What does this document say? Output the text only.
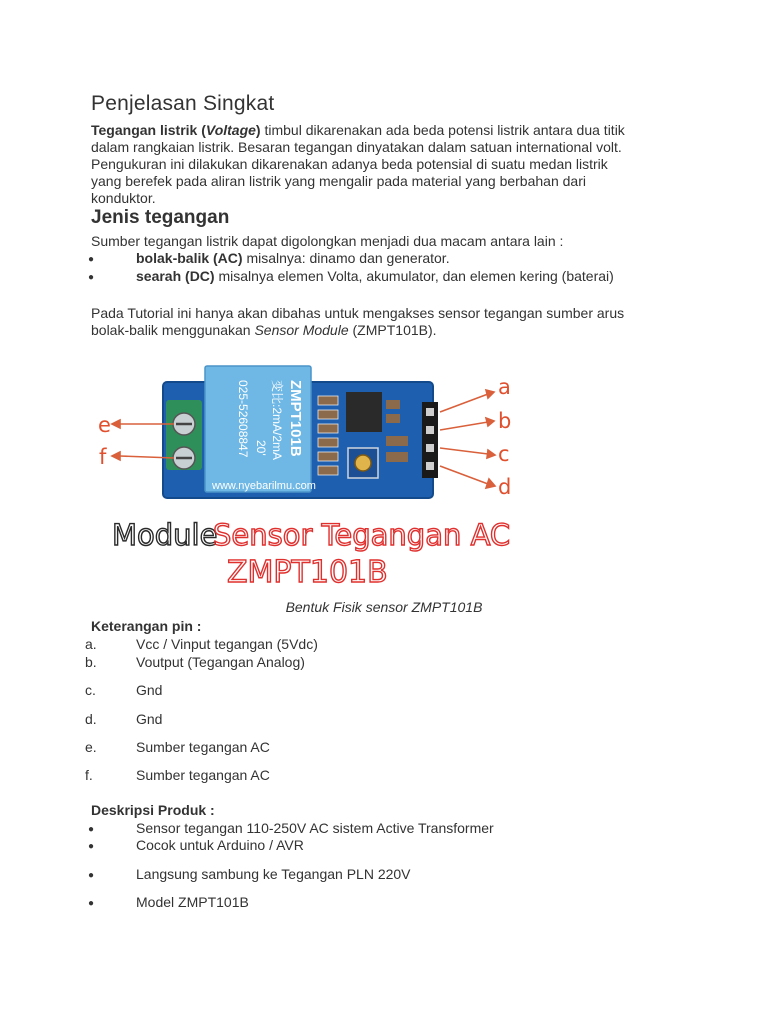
Penjelasan Singkat

Tegangan listrik (Voltage) timbul dikarenakan ada beda potensi listrik antara dua titik

dalam rangkaian listrik. Besaran tegangan dinyatakan dalam satuan international volt.

Pengukuran ini dilakukan dikarenakan adanya beda potensial di suatu medan listrik

yang berefek pada aliran listrik yang mengalir pada material yang berbahan dari

konduktor.

Jenis tegangan

Sumber tegangan listrik dapat digolongkan menjadi dua macam antara lain :

●	bolak-balik (AC) misalnya: dinamo dan generator.
●	searah (DC) misalnya elemen Volta, akumulator, dan elemen kering (baterai)

Pada Tutorial ini hanya akan dibahas untuk mengakses sensor tegangan sumber arus

bolak-balik menggunakan Sensor Module (ZMPT101B).

ZMPT101B
变比:2mA/2mA
20'
025-52608847
www.nyebarilmu.com
a
b
c
d
e
f
Module
Sensor Tegangan AC
ZMPT101B
Bentuk Fisik sensor ZMPT101B

Keterangan pin :

a.	Vcc / Vinput tegangan (5Vdc)
b.	Voutput (Tegangan Analog)
c.	Gnd
d.	Gnd
e.	Sumber tegangan AC
f.	Sumber tegangan AC

Deskripsi Produk :

●	Sensor tegangan 110-250V AC sistem Active Transformer
●	Cocok untuk Arduino / AVR
●	Langsung sambung ke Tegangan PLN 220V
●	Model ZMPT101B
